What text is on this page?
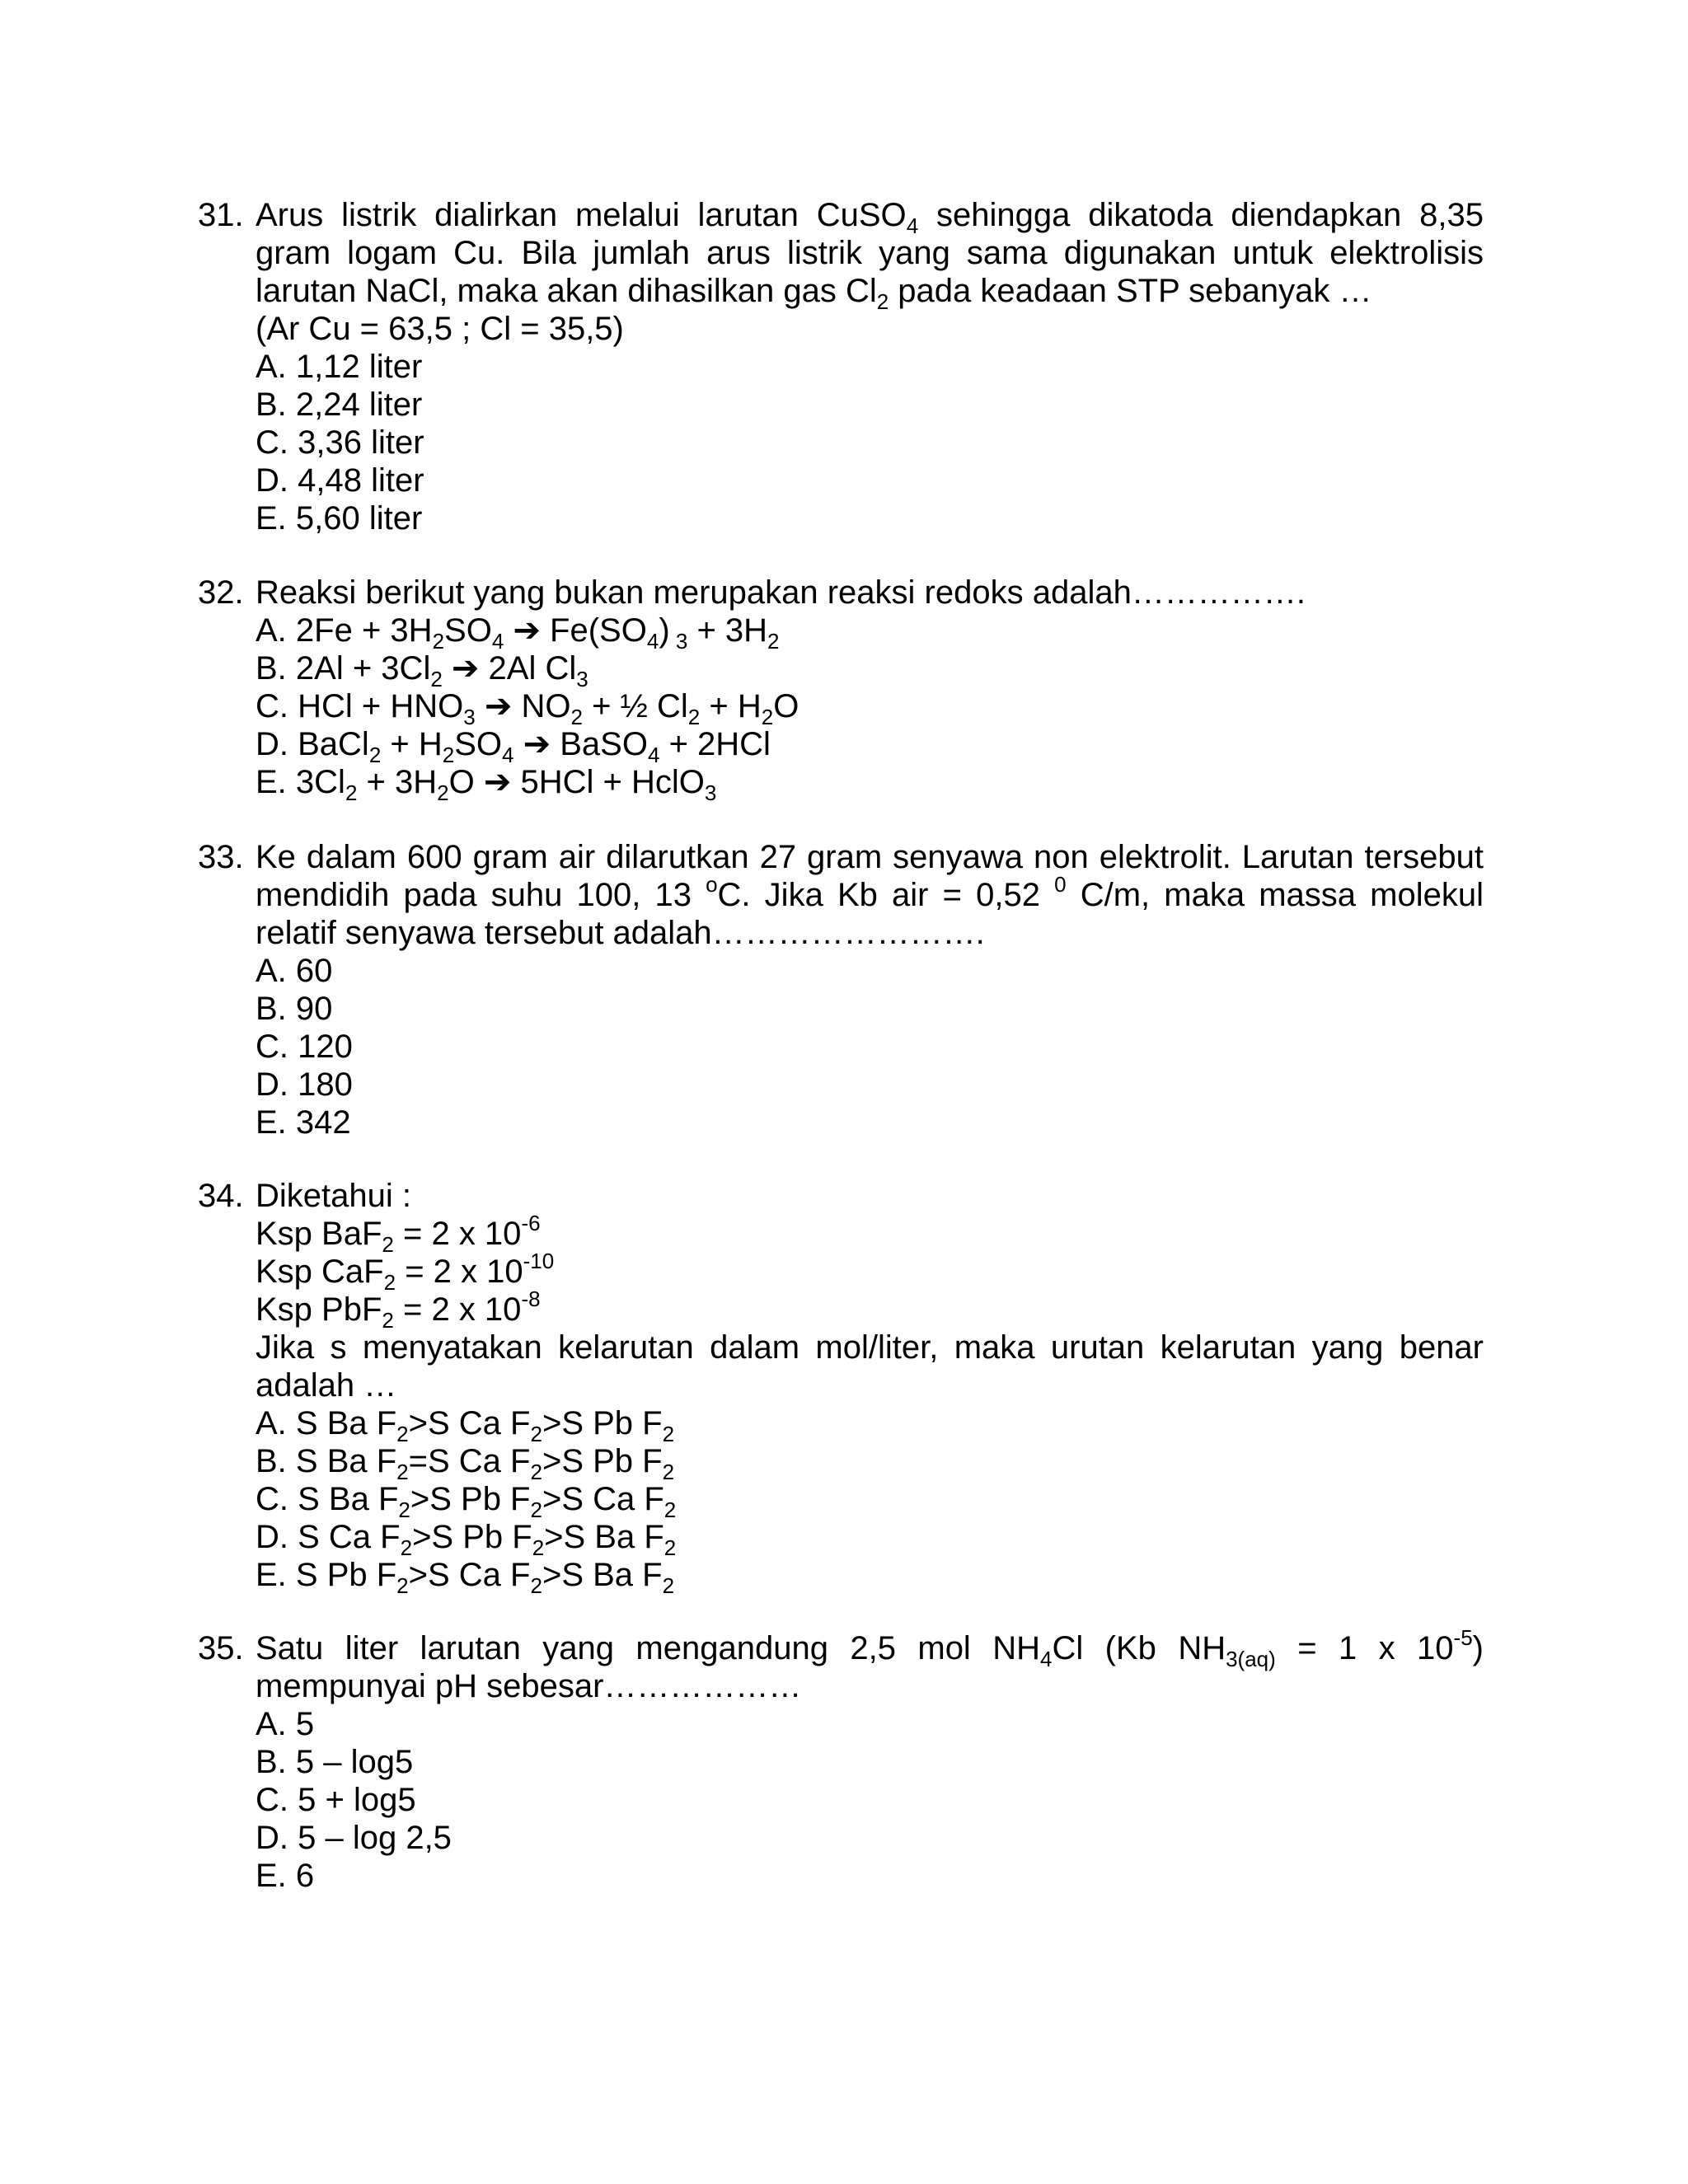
31. Arus listrik dialirkan melalui larutan CuSO$_4$ sehingga dikatoda diendapkan 8,35 gram logam Cu. Bila jumlah arus listrik yang sama digunakan untuk elektrolisis larutan NaCl, maka akan dihasilkan gas $Cl_2$ pada keadaan STP sebanyak …
(Ar Cu = 63,5 ; Cl = 35,5)
A. 1,12 liter
B. 2,24 liter
C. 3,36 liter
D. 4,48 liter
E. 5,60 liter
32. Reaksi berikut yang bukan merupakan reaksi redoks adalah…………….
A. $2Fe + 3H_2SO_4$ ➔ $Fe(SO_4) _3 + 3H_2$
B. $2Al + 3Cl_2$ ➔ 2Al $Cl_3$
C. HCl + $HNO_3$ ➔ $NO_2$ + ½ $Cl_2 + H_2O$
D. BaCl$_2$ + $H_2SO_4$ ➔ BaSO$_4$ + 2HCl
E. $3Cl_2 + 3H_2O$ ➔ 5HCl + HclO$_3$
33. Ke dalam 600 gram air dilarutkan 27 gram senyawa non elektrolit. Larutan tersebut mendidih pada suhu 100, 13 $^o$C. Jika Kb air = 0,52 $^0$ C/m, maka massa molekul relatif senyawa tersebut adalah…………………….
A. 60
B. 90
C. 120
D. 180
E. 342
34. Diketahui :
Ksp BaF$_2$ = 2 x $10^{-6}$
Ksp CaF$_2$ = 2 x $10^{-10}$
Ksp PbF$_2$ = 2 x $10^{-8}$
Jika s menyatakan kelarutan dalam mol/liter, maka urutan kelarutan yang benar adalah …
A. S Ba $F_2>S$ Ca $F_2>S$ Pb $F_2$
B. S Ba $F_2=S$ Ca $F_2>S$ Pb $F_2$
C. S Ba $F_2>S$ Pb $F_2>S$ Ca $F_2$
D. S Ca $F_2>S$ Pb $F_2>S$ Ba $F_2$
E. S Pb $F_2>S$ Ca $F_2>S$ Ba $F_2$
35. Satu liter larutan yang mengandung 2,5 mol $NH_4Cl$ (Kb $NH_{3(aq)} = 1$ x $10^{-5}$) mempunyai pH sebesar………………
A. 5
B. 5 – log5
C. 5 + log5
D. 5 – log 2,5
E. 6
